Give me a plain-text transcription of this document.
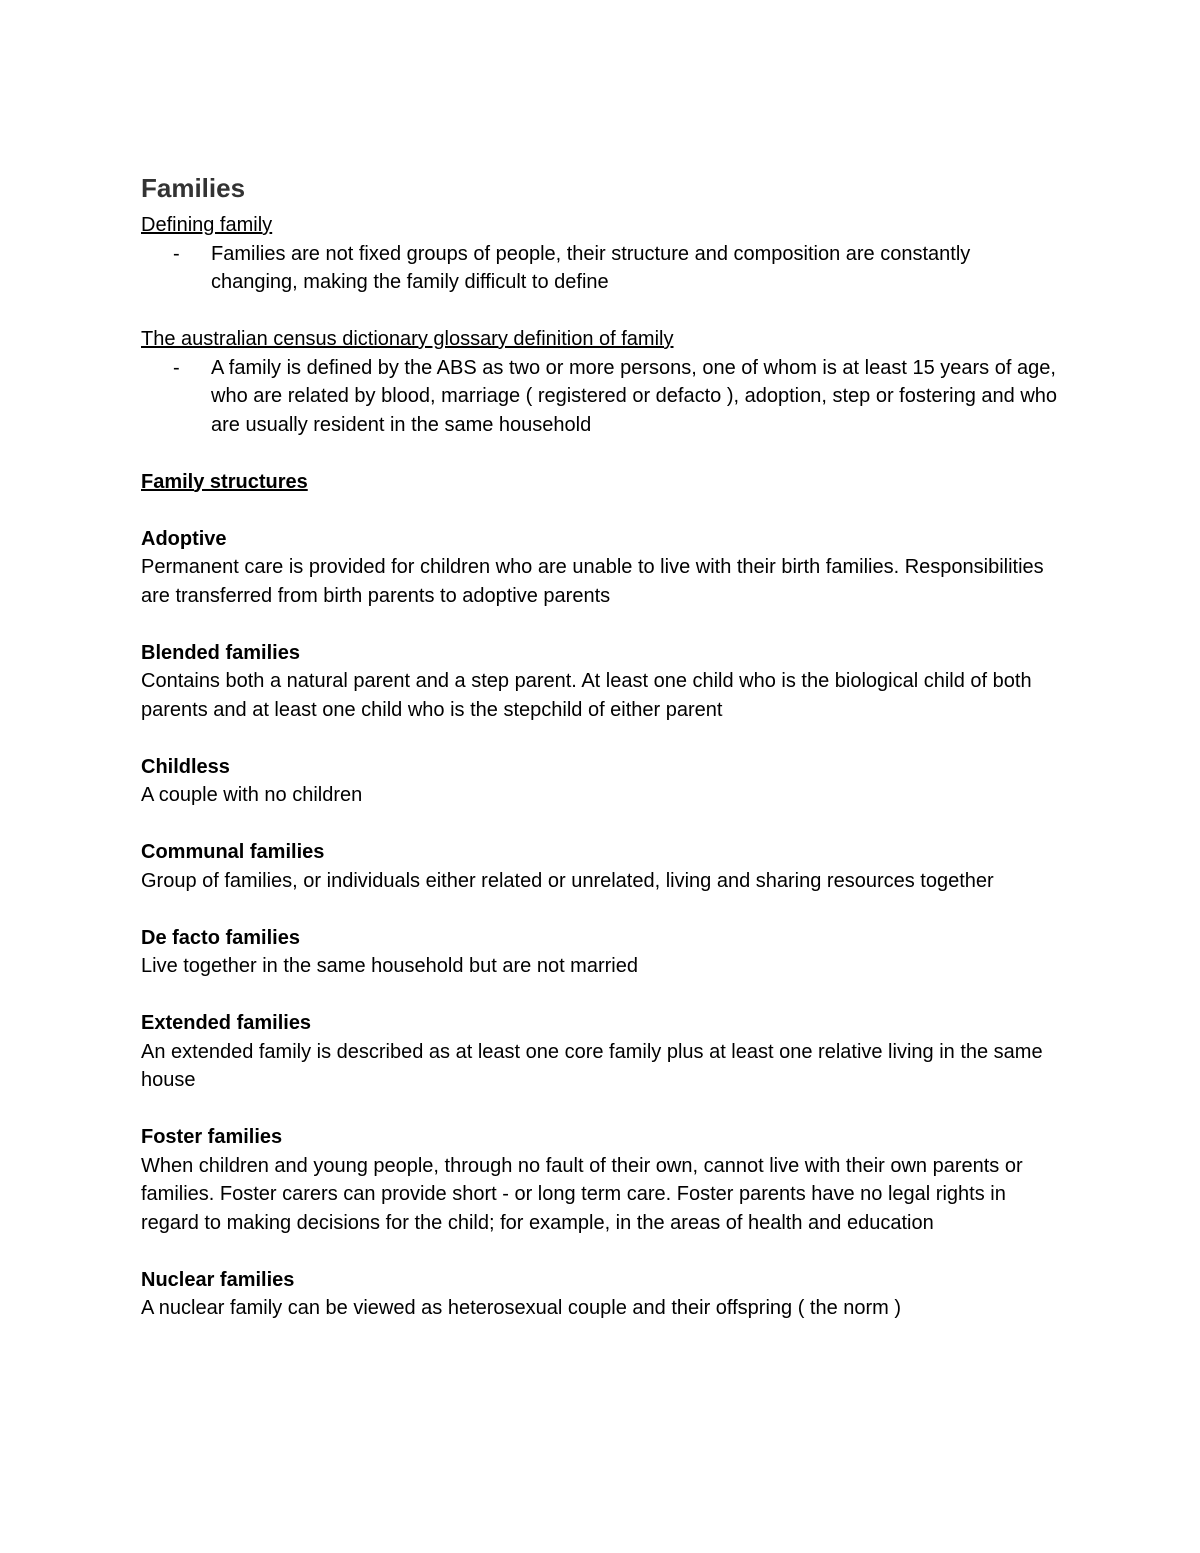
Families
Defining family
-	Families are not fixed groups of people, their structure and composition are constantly changing, making the family difficult to define
The australian census dictionary glossary definition of family
-	A family is defined by the ABS as two or more persons, one of whom is at least 15 years of age, who are related by blood, marriage ( registered or defacto ), adoption, step or fostering and who are usually resident in the same household
Family structures
Adoptive
Permanent care is provided for children who are unable to live with their birth families. Responsibilities are transferred from birth parents to adoptive parents
Blended families
Contains both a natural parent and a step parent. At least one child who is the biological child of both parents and at least one child who is the stepchild of either parent
Childless
A couple with no children
Communal families
Group of families, or individuals either related or unrelated, living and sharing resources together
De facto families
Live together in the same household but are not married
Extended families
An extended family is described as at least one core family plus at least one relative living in the same house
Foster families
When children and young people, through no fault of their own, cannot live with their own parents or families. Foster carers can provide short - or long term care. Foster parents have no legal rights in regard to making decisions for the child; for example, in the areas of health and education
Nuclear families
A nuclear family can be viewed as heterosexual couple and their offspring ( the norm )
